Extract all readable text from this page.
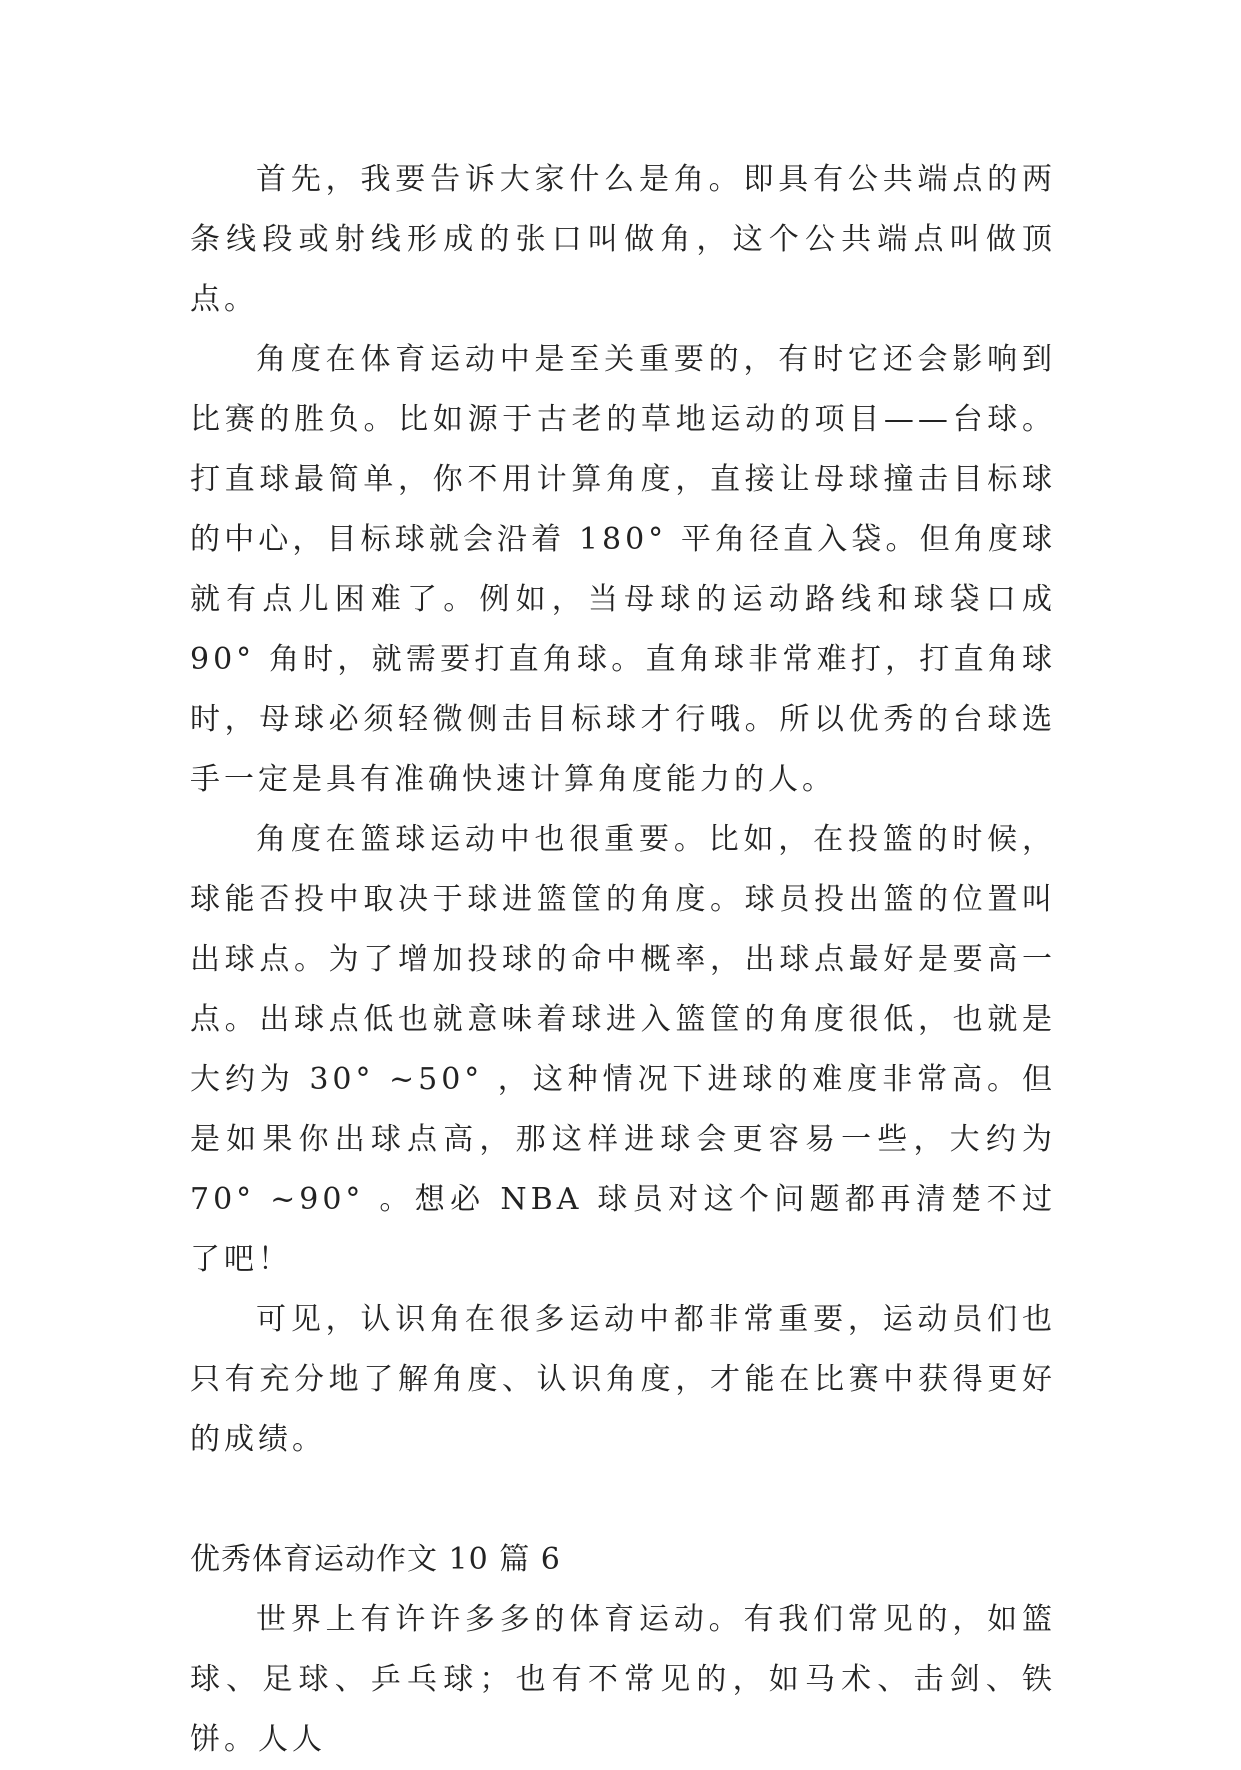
首先，我要告诉大家什么是角。即具有公共端点的两条线段或射线形成的张口叫做角，这个公共端点叫做顶点。

角度在体育运动中是至关重要的，有时它还会影响到比赛的胜负。比如源于古老的草地运动的项目——台球。打直球最简单，你不用计算角度，直接让母球撞击目标球的中心，目标球就会沿着 180° 平角径直入袋。但角度球就有点儿困难了。例如，当母球的运动路线和球袋口成 90° 角时，就需要打直角球。直角球非常难打，打直角球时，母球必须轻微侧击目标球才行哦。所以优秀的台球选手一定是具有准确快速计算角度能力的人。

角度在篮球运动中也很重要。比如，在投篮的时候，球能否投中取决于球进篮筐的角度。球员投出篮的位置叫出球点。为了增加投球的命中概率，出球点最好是要高一点。出球点低也就意味着球进入篮筐的角度很低，也就是大约为 30° ~50° ，这种情况下进球的难度非常高。但是如果你出球点高，那这样进球会更容易一些，大约为 70° ~90° 。想必 NBA 球员对这个问题都再清楚不过了吧！

可见，认识角在很多运动中都非常重要，运动员们也只有充分地了解角度、认识角度，才能在比赛中获得更好的成绩。

优秀体育运动作文 10 篇 6

世界上有许许多多的体育运动。有我们常见的，如篮球、足球、乒乓球；也有不常见的，如马术、击剑、铁饼。人人
